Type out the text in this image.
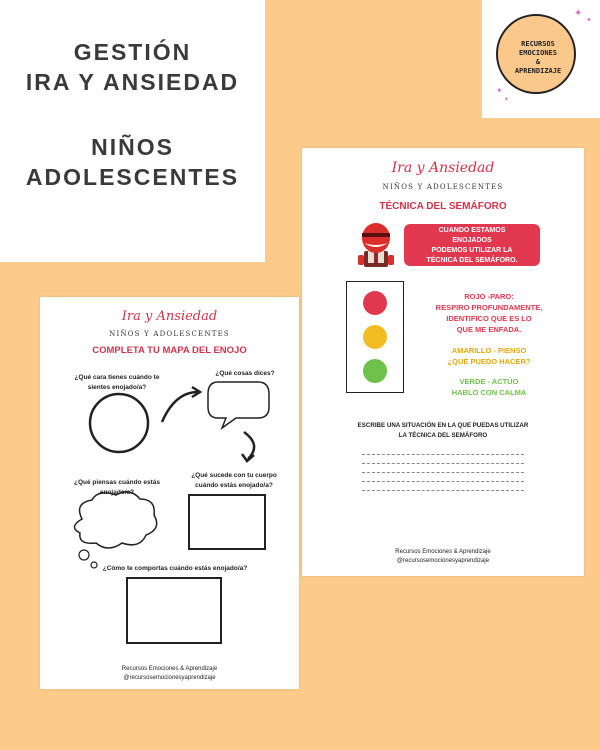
GESTIÓN
IRA Y ANSIEDAD
NIÑOS
ADOLESCENTES
RECURSOS
EMOCIONES
&
APRENDIZAJE
✦
✦
✦
✦
Ira y Ansiedad
NIÑOS Y ADOLESCENTES
TÉCNICA DEL SEMÁFORO
CUANDO ESTAMOS
ENOJADOS
PODEMOS UTILIZAR LA
TÉCNICA DEL SEMÁFORO.
ROJO -PARO:
RESPIRO PROFUNDAMENTE,
IDENTIFICO QUE ES LO
QUE ME ENFADA.
AMARILLO - PIENSO
¿QUÉ PUEDO HACER?
VERDE - ACTÚO
HABLO CON CALMA
ESCRIBE UNA SITUACIÓN EN LA QUE PUEDAS UTILIZAR
LA TÉCNICA DEL SEMÁFORO
Recursos Emociones & Aprendizaje
@recursosemocionesyaprendizaje
Ira y Ansiedad
NIÑOS Y ADOLESCENTES
COMPLETA TU MAPA DEL ENOJO
¿Qué cara tienes cuándo te
sientes enojado/a?
¿Qué cosas dices?
¿Qué piensas cuándo estás
enojado/a?
¿Qué sucede con tu cuerpo
cuándo estás enojado/a?
¿Cómo te comportas cuándo estás enojado/a?
Recursos Emociones & Aprendizaje
@recursosemocionesyaprendizaje
